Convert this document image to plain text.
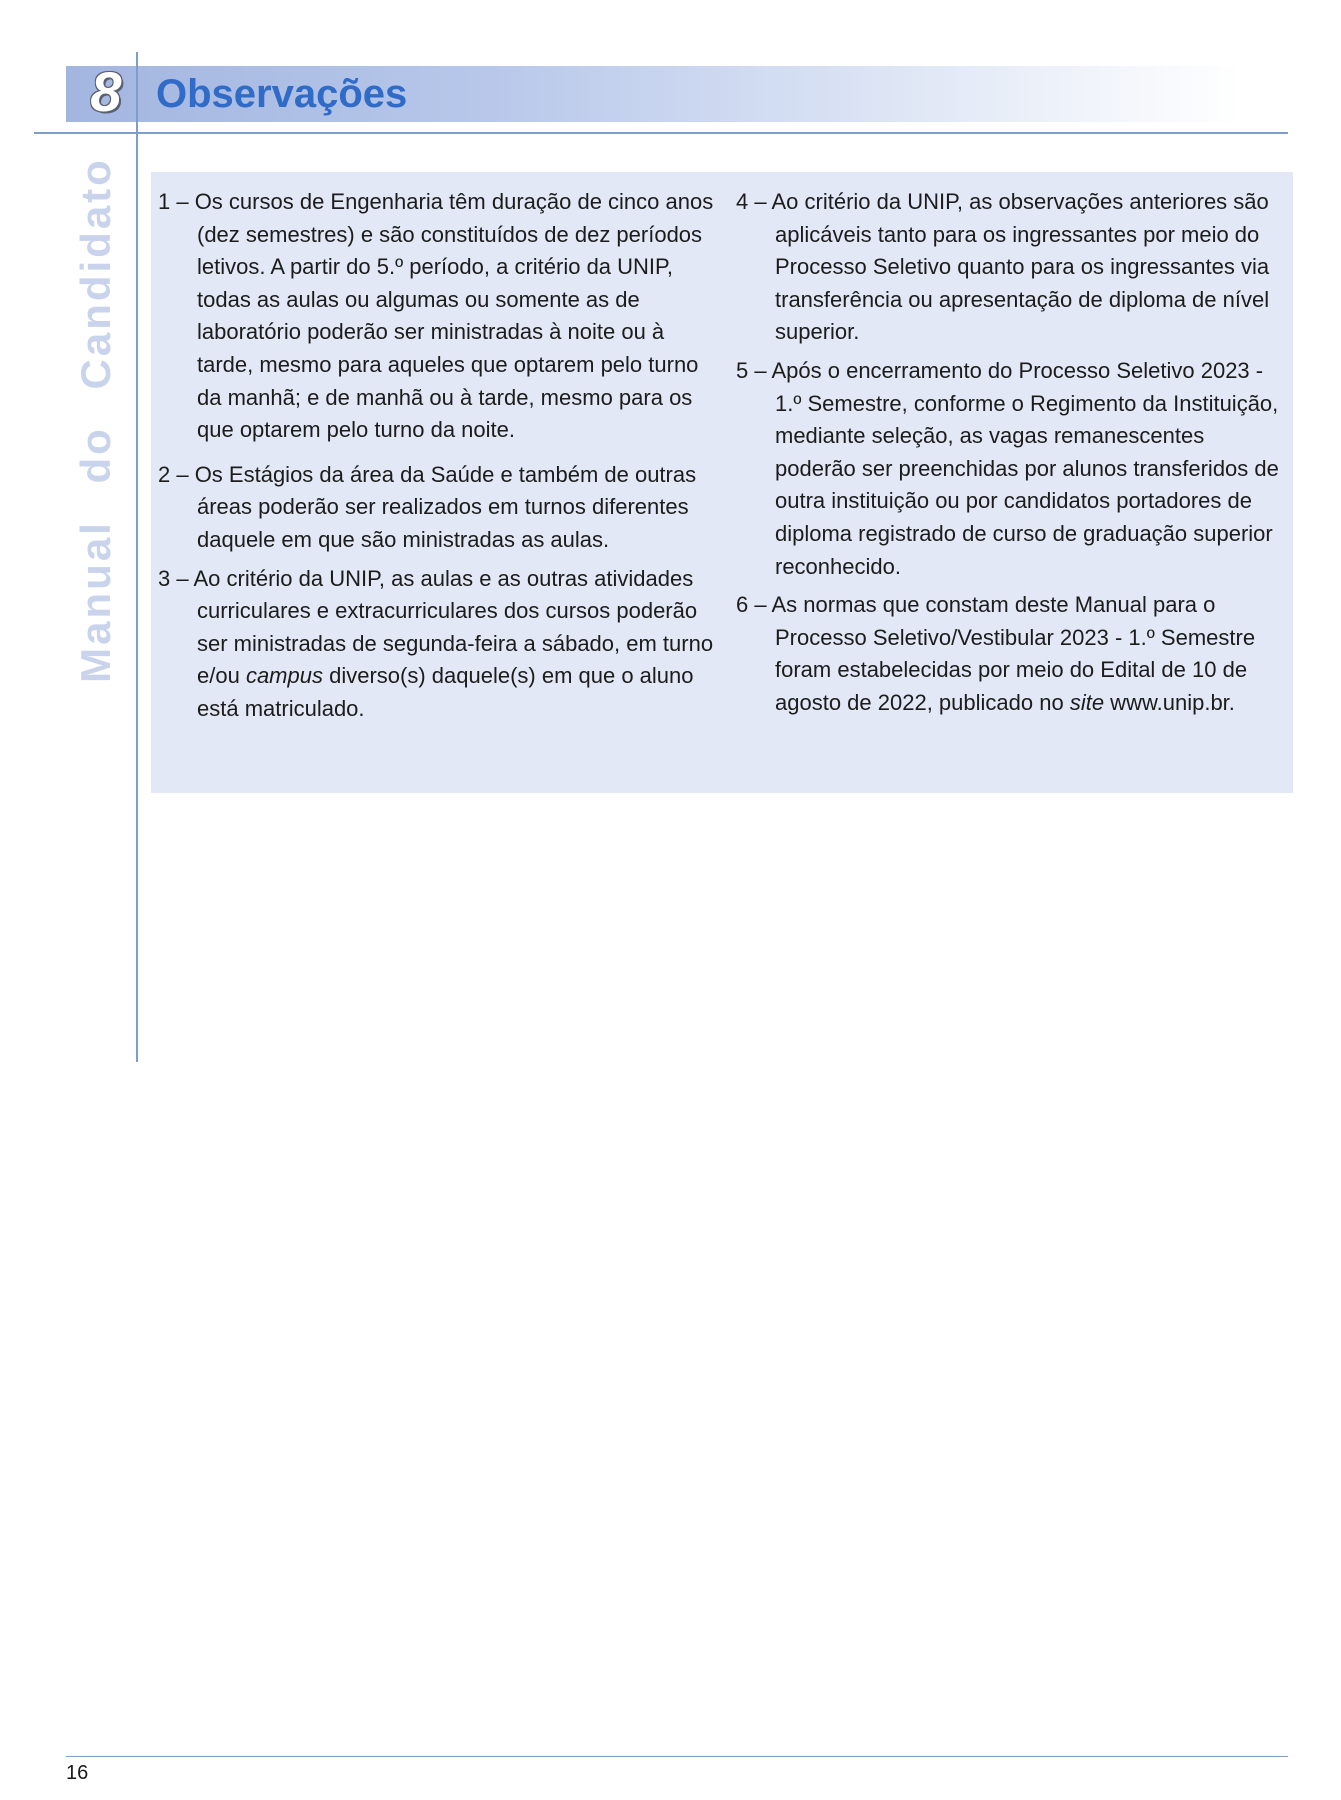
8 Observações
Manual do Candidato 1 – Os cursos de Engenharia têm duração de cinco anos (dez semestres) e são constituídos de dez períodos letivos. A partir do 5.º período, a critério da UNIP, todas as aulas ou algumas ou somente as de laboratório poderão ser ministradas à noite ou à tarde, mesmo para aqueles que optarem pelo turno da manhã; e de manhã ou à tarde, mesmo para os que optarem pelo turno da noite.

2 – Os Estágios da área da Saúde e também de outras áreas poderão ser realizados em turnos diferentes daquele em que são ministradas as aulas.

3 – Ao critério da UNIP, as aulas e as outras atividades curriculares e extracurriculares dos cursos poderão ser ministradas de segunda-feira a sábado, em turno e/ou campus diverso(s) daquele(s) em que o aluno está matriculado.

4 – Ao critério da UNIP, as observações anteriores são aplicáveis tanto para os ingressantes por meio do Processo Seletivo quanto para os ingressantes via transferência ou apresentação de diploma de nível superior.

5 – Após o encerramento do Processo Seletivo 2023 - 1.º Semestre, conforme o Regimento da Instituição, mediante seleção, as vagas remanescentes poderão ser preenchidas por alunos transferidos de outra instituição ou por candidatos portadores de diploma registrado de curso de graduação superior reconhecido.

6 – As normas que constam deste Manual para o Processo Seletivo/Vestibular 2023 - 1.º Semestre foram estabelecidas por meio do Edital de 10 de agosto de 2022, publicado no site www.unip.br.

16
